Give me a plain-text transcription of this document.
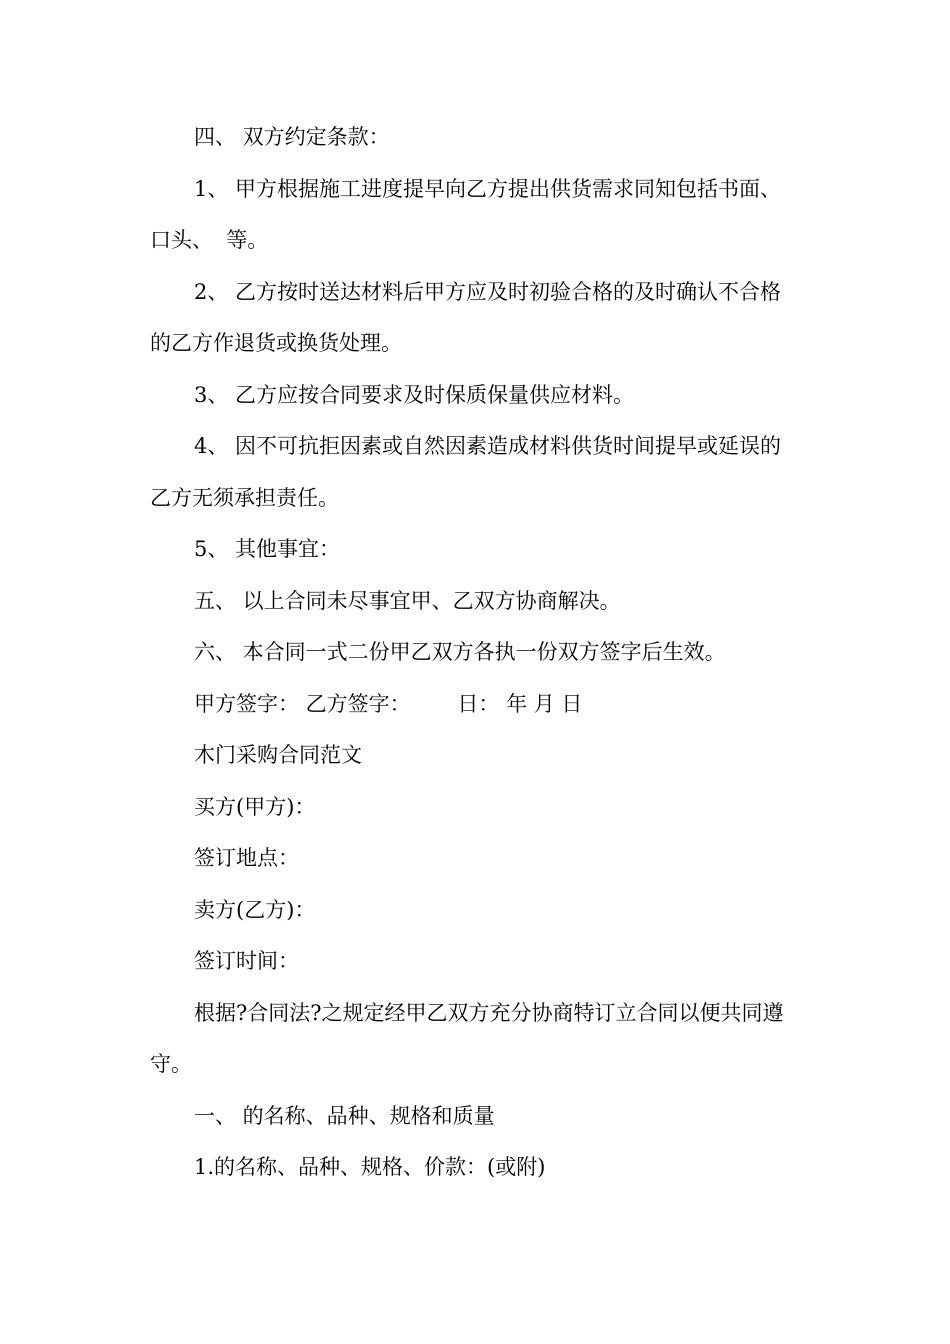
四、 双方约定条款：

1、 甲方根据施工进度提早向乙方提出供货需求同知包括书面、口头、  等。

2、 乙方按时送达材料后甲方应及时初验合格的及时确认不合格的乙方作退货或换货处理。

3、 乙方应按合同要求及时保质保量供应材料。

4、 因不可抗拒因素或自然因素造成材料供货时间提早或延误的乙方无须承担责任。

5、 其他事宜：

五、 以上合同未尽事宜甲、乙双方协商解决。

六、 本合同一式二份甲乙双方各执一份双方签字后生效。

甲方签字： 乙方签字：       日： 年 月 日

木门采购合同范文

买方(甲方)：

签订地点：

卖方(乙方)：

签订时间：

根据?合同法?之规定经甲乙双方充分协商特订立合同以便共同遵守。

一、 的名称、品种、规格和质量

1.的名称、品种、规格、价款：(或附)
